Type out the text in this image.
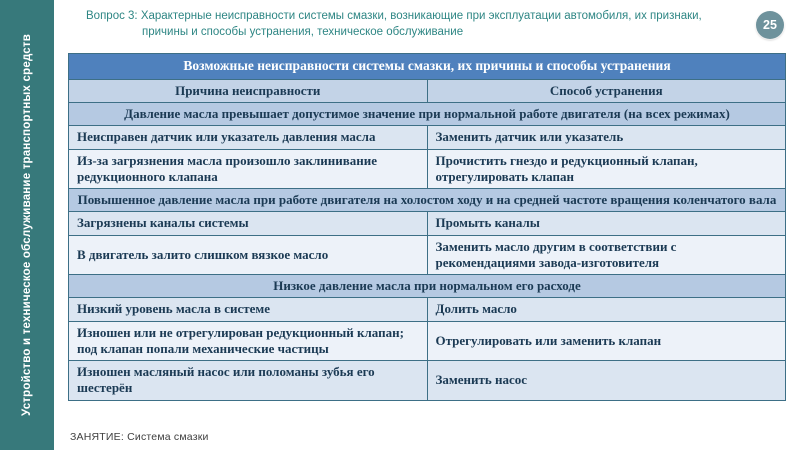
Устройство и техническое обслуживание транспортных средств
Вопрос 3: Характерные неисправности системы смазки, возникающие при эксплуатации автомобиля, их признаки, причины и способы устранения, техническое обслуживание	25
Возможные неисправности системы смазки, их причины и способы устранения	
Причина неисправности	Способ устранения
Давление масла превышает допустимое значение при нормальной работе двигателя (на всех режимах)	
Неисправен датчик или указатель давления масла	Заменить датчик или указатель
Из-за загрязнения масла произошло заклинивание редукционного клапана	Прочистить гнездо и редукционный клапан, отрегулировать клапан
Повышенное давление масла при работе двигателя на холостом ходу и на средней частоте вращения коленчатого вала	
Загрязнены каналы системы	Промыть каналы
В двигатель залито слишком вязкое масло	Заменить масло другим в соответствии с рекомендациями завода-изготовителя
Низкое давление масла при нормальном его расходе	
Низкий уровень масла в системе	Долить масло
Изношен или не отрегулирован редукционный клапан; под клапан попали механические частицы	Отрегулировать или заменить клапан
Изношен масляный насос или поломаны зубья его шестерён	Заменить насос
ЗАНЯТИЕ: Система смазки
